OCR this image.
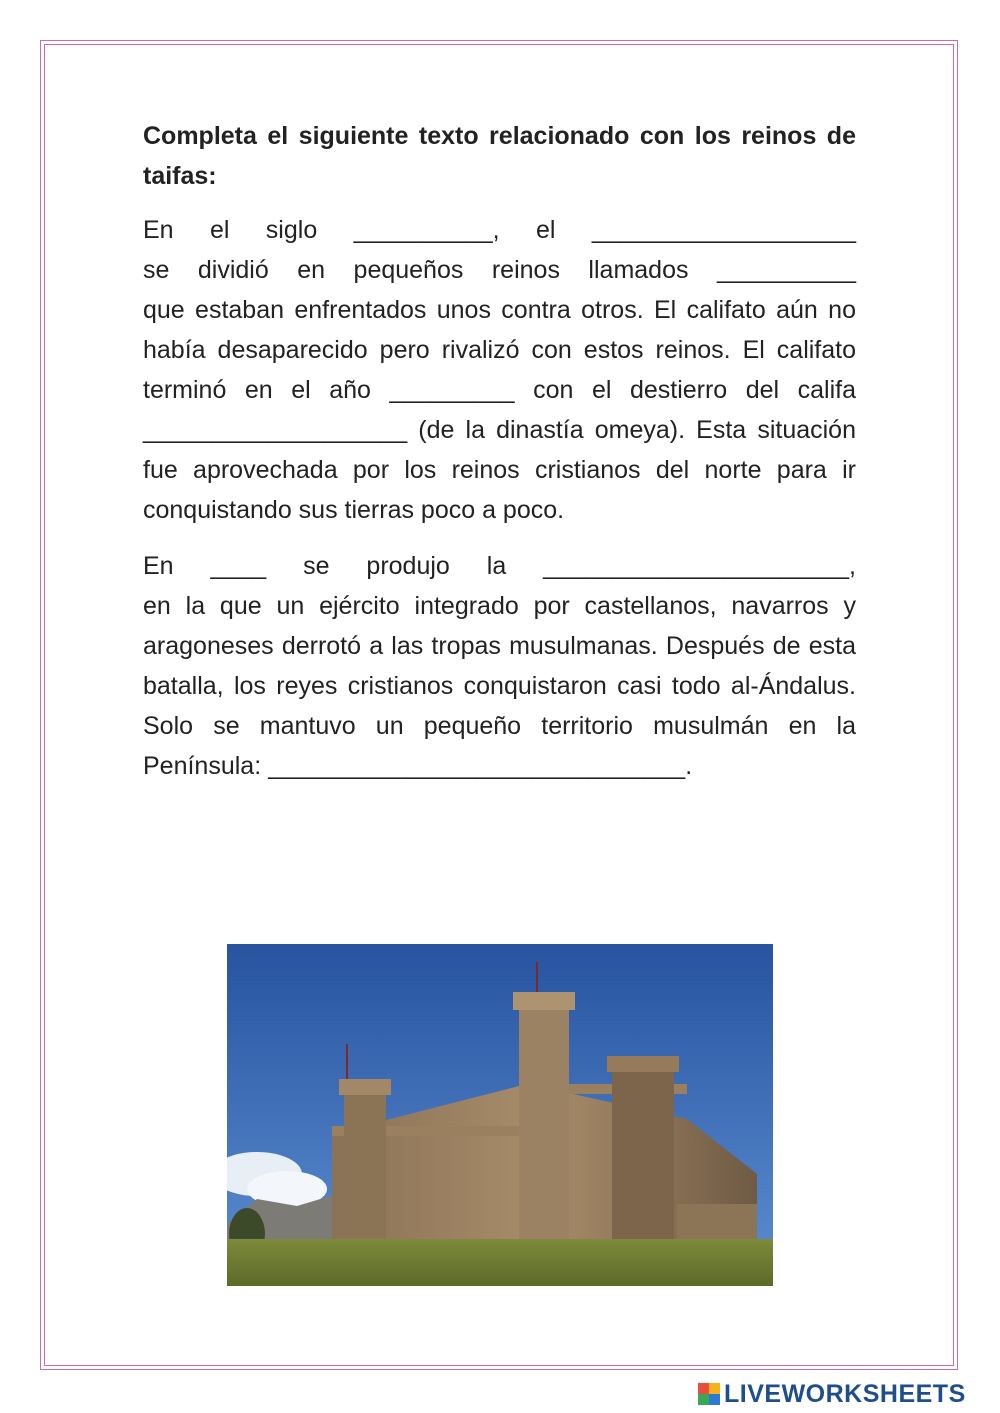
Completa el siguiente texto relacionado con los reinos de taifas:

En el siglo __________, el ___________________
se dividió en pequeños reinos llamados __________
que estaban enfrentados unos contra otros. El califato aún no había desaparecido pero rivalizó con estos reinos. El califato terminó en el año _________ con el destierro del califa ___________________ (de la dinastía omeya). Esta situación fue aprovechada por los reinos cristianos del norte para ir conquistando sus tierras poco a poco.
En ____ se produjo la ______________________,
en la que un ejército integrado por castellanos, navarros y aragoneses derrotó a las tropas musulmanas. Después de esta batalla, los reyes cristianos conquistaron casi todo al-Ándalus. Solo se mantuvo un pequeño territorio musulmán en la Península: ______________________________.
LIVEWORKSHEETS
